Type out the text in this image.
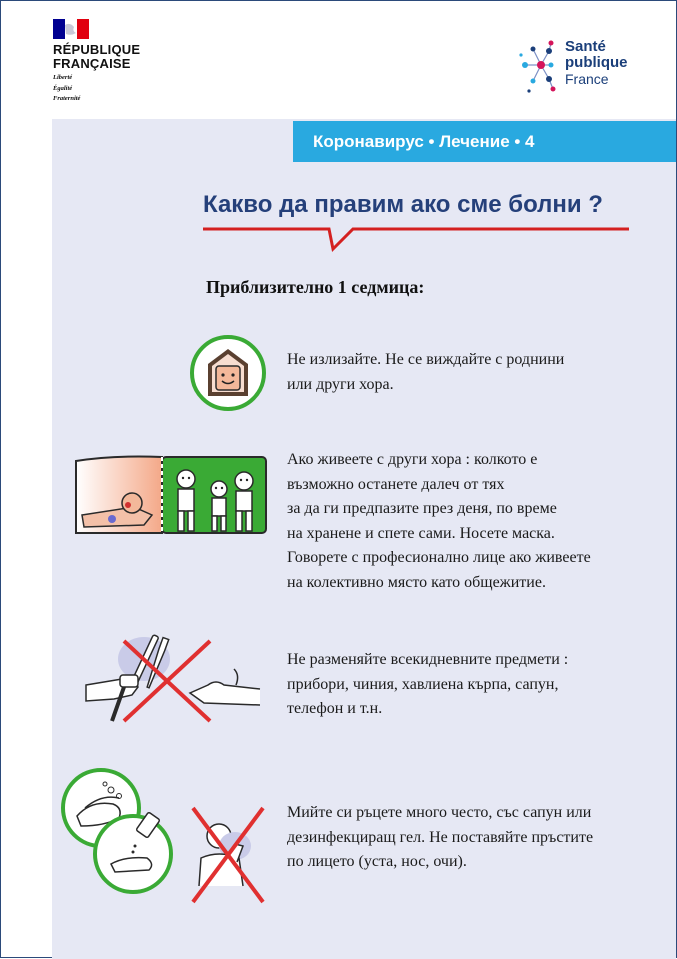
RÉPUBLIQUE
FRANÇAISE
Liberté
Égalité
Fraternité
Santé
publique
France
Коронавирус • Лечение • 4
Какво да правим ако сме болни ?
Приблизително 1 седмица:
Не излизайте. Не се виждайте с роднини
или други хора.
Ако живеете с други хора : колкото е
възможно останете далеч от тях
за да ги предпазите през деня, по време
на хранене и спете сами. Носете маска.
Говорете с професионално лице ако живеете
на колективно място като общежитие.
Не разменяйте всекидневните предмети :
прибори, чиния, хавлиена кърпа, сапун,
телефон и т.н.
Мийте си ръцете много често, със сапун или
дезинфекциращ гел. Не поставяйте пръстите
по лицето (уста, нос, очи).
